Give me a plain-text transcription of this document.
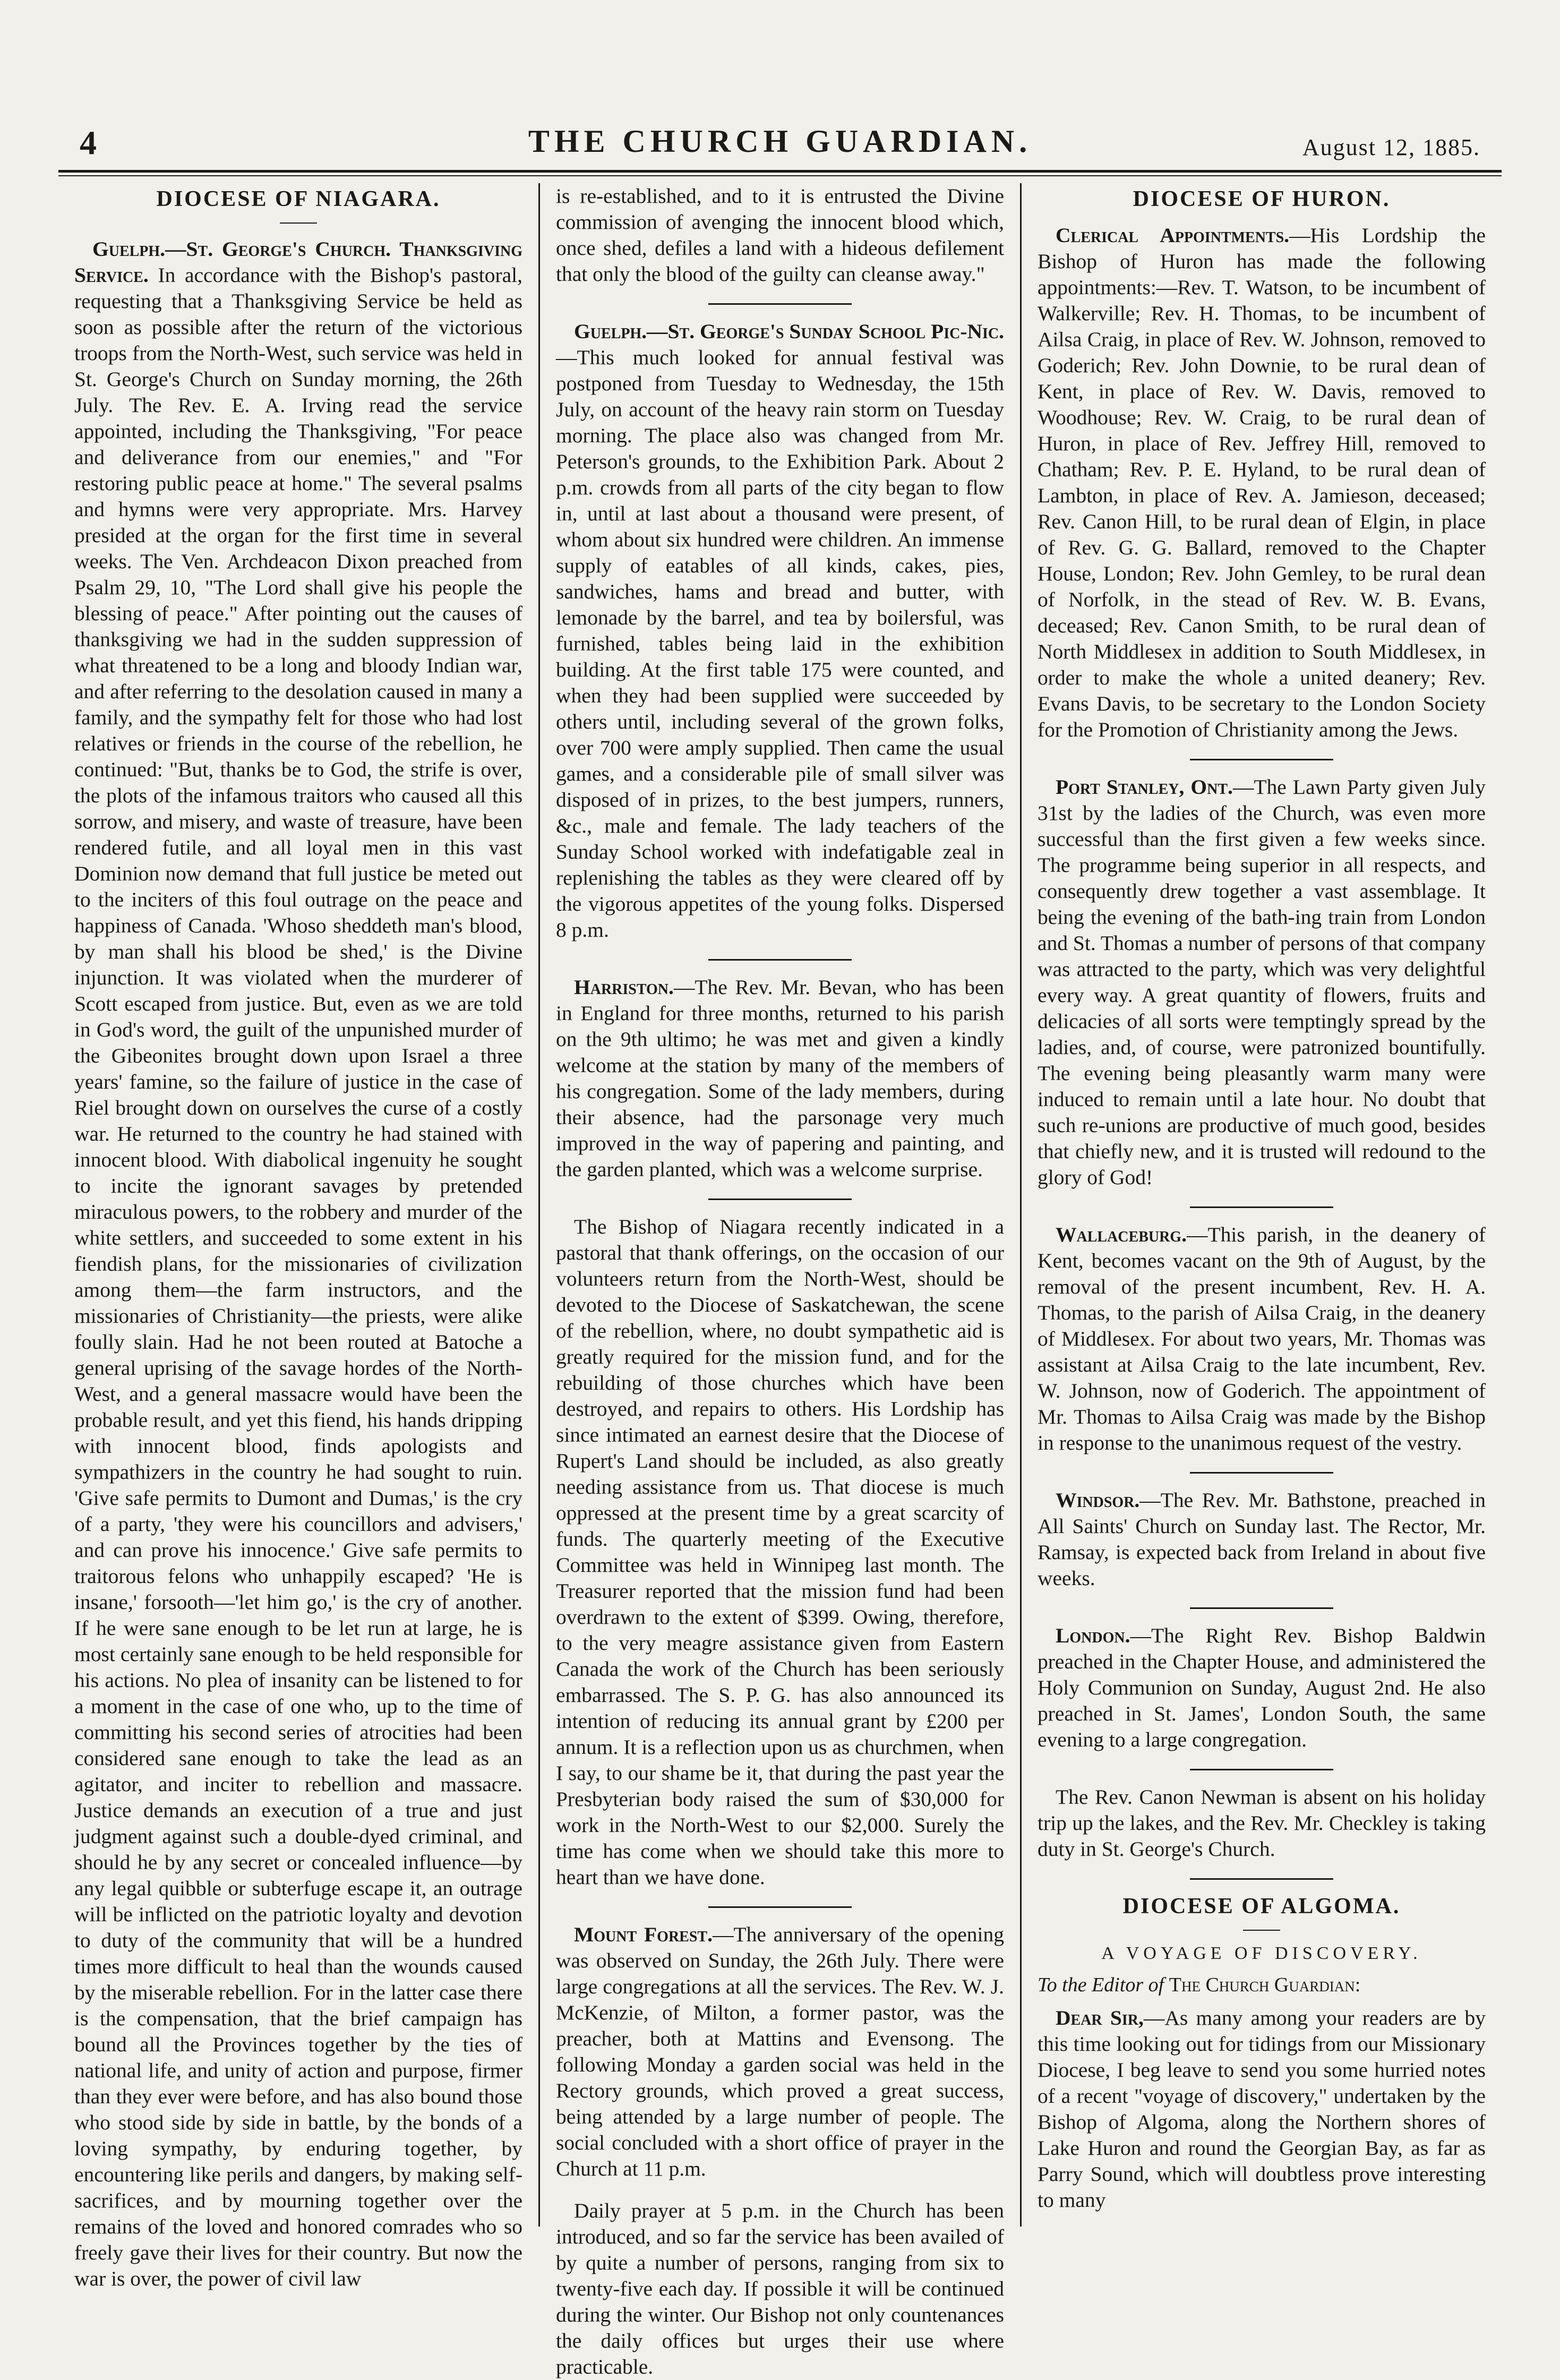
4	THE CHURCH GUARDIAN.	August 12, 1885.
DIOCESE OF NIAGARA.

Guelph.—St. George's Church. Thanksgiving Service. In accordance with the Bishop's pastoral, requesting that a Thanksgiving Service be held as soon as possible after the return of the victorious troops from the North-West, such service was held in St. George's Church on Sunday morning, the 26th July. The Rev. E. A. Irving read the service appointed, including the Thanksgiving, "For peace and deliverance from our enemies," and "For restoring public peace at home." The several psalms and hymns were very appropriate. Mrs. Harvey presided at the organ for the first time in several weeks. The Ven. Archdeacon Dixon preached from Psalm 29, 10, "The Lord shall give his people the blessing of peace." After pointing out the causes of thanksgiving we had in the sudden suppression of what threatened to be a long and bloody Indian war, and after referring to the desolation caused in many a family, and the sympathy felt for those who had lost relatives or friends in the course of the rebellion, he continued: "But, thanks be to God, the strife is over, the plots of the infamous traitors who caused all this sorrow, and misery, and waste of treasure, have been rendered futile, and all loyal men in this vast Dominion now demand that full justice be meted out to the inciters of this foul outrage on the peace and happiness of Canada. 'Whoso sheddeth man's blood, by man shall his blood be shed,' is the Divine injunction. It was violated when the murderer of Scott escaped from justice. But, even as we are told in God's word, the guilt of the unpunished murder of the Gibeonites brought down upon Israel a three years' famine, so the failure of justice in the case of Riel brought down on ourselves the curse of a costly war. He returned to the country he had stained with innocent blood. With diabolical ingenuity he sought to incite the ignorant savages by pretended miraculous powers, to the robbery and murder of the white settlers, and succeeded to some extent in his fiendish plans, for the missionaries of civilization among them—the farm instructors, and the missionaries of Christianity—the priests, were alike foully slain. Had he not been routed at Batoche a general uprising of the savage hordes of the North-West, and a general massacre would have been the probable result, and yet this fiend, his hands dripping with innocent blood, finds apologists and sympathizers in the country he had sought to ruin. 'Give safe permits to Dumont and Dumas,' is the cry of a party, 'they were his councillors and advisers,' and can prove his innocence.' Give safe permits to traitorous felons who unhappily escaped? 'He is insane,' forsooth—'let him go,' is the cry of another. If he were sane enough to be let run at large, he is most certainly sane enough to be held responsible for his actions. No plea of insanity can be listened to for a moment in the case of one who, up to the time of committing his second series of atrocities had been considered sane enough to take the lead as an agitator, and inciter to rebellion and massacre. Justice demands an execution of a true and just judgment against such a double-dyed criminal, and should he by any secret or concealed influence—by any legal quibble or subterfuge escape it, an outrage will be inflicted on the patriotic loyalty and devotion to duty of the community that will be a hundred times more difficult to heal than the wounds caused by the miserable rebellion. For in the latter case there is the compensation, that the brief campaign has bound all the Provinces together by the ties of national life, and unity of action and purpose, firmer than they ever were before, and has also bound those who stood side by side in battle, by the bonds of a loving sympathy, by enduring together, by encountering like perils and dangers, by making self-sacrifices, and by mourning together over the remains of the loved and honored comrades who so freely gave their lives for their country. But now the war is over, the power of civil law

is re-established, and to it is entrusted the Divine commission of avenging the innocent blood which, once shed, defiles a land with a hideous defilement that only the blood of the guilty can cleanse away."

Guelph.—St. George's Sunday School Pic-Nic.—This much looked for annual festival was postponed from Tuesday to Wednesday, the 15th July, on account of the heavy rain storm on Tuesday morning. The place also was changed from Mr. Peterson's grounds, to the Exhibition Park. About 2 p.m. crowds from all parts of the city began to flow in, until at last about a thousand were present, of whom about six hundred were children. An immense supply of eatables of all kinds, cakes, pies, sandwiches, hams and bread and butter, with lemonade by the barrel, and tea by boilersful, was furnished, tables being laid in the exhibition building. At the first table 175 were counted, and when they had been supplied were succeeded by others until, including several of the grown folks, over 700 were amply supplied. Then came the usual games, and a considerable pile of small silver was disposed of in prizes, to the best jumpers, runners, &c., male and female. The lady teachers of the Sunday School worked with indefatigable zeal in replenishing the tables as they were cleared off by the vigorous appetites of the young folks. Dispersed 8 p.m.

Harriston.—The Rev. Mr. Bevan, who has been in England for three months, returned to his parish on the 9th ultimo; he was met and given a kindly welcome at the station by many of the members of his congregation. Some of the lady members, during their absence, had the parsonage very much improved in the way of papering and painting, and the garden planted, which was a welcome surprise.

The Bishop of Niagara recently indicated in a pastoral that thank offerings, on the occasion of our volunteers return from the North-West, should be devoted to the Diocese of Saskatchewan, the scene of the rebellion, where, no doubt sympathetic aid is greatly required for the mission fund, and for the rebuilding of those churches which have been destroyed, and repairs to others. His Lordship has since intimated an earnest desire that the Diocese of Rupert's Land should be included, as also greatly needing assistance from us. That diocese is much oppressed at the present time by a great scarcity of funds. The quarterly meeting of the Executive Committee was held in Winnipeg last month. The Treasurer reported that the mission fund had been overdrawn to the extent of $399. Owing, therefore, to the very meagre assistance given from Eastern Canada the work of the Church has been seriously embarrassed. The S. P. G. has also announced its intention of reducing its annual grant by £200 per annum. It is a reflection upon us as churchmen, when I say, to our shame be it, that during the past year the Presbyterian body raised the sum of $30,000 for work in the North-West to our $2,000. Surely the time has come when we should take this more to heart than we have done.

Mount Forest.—The anniversary of the opening was observed on Sunday, the 26th July. There were large congregations at all the services. The Rev. W. J. McKenzie, of Milton, a former pastor, was the preacher, both at Mattins and Evensong. The following Monday a garden social was held in the Rectory grounds, which proved a great success, being attended by a large number of people. The social concluded with a short office of prayer in the Church at 11 p.m.

Daily prayer at 5 p.m. in the Church has been introduced, and so far the service has been availed of by quite a number of persons, ranging from six to twenty-five each day. If possible it will be continued during the winter. Our Bishop not only countenances the daily offices but urges their use where practicable.

DIOCESE OF HURON.

Clerical Appointments.—His Lordship the Bishop of Huron has made the following appointments:—Rev. T. Watson, to be incumbent of Walkerville; Rev. H. Thomas, to be incumbent of Ailsa Craig, in place of Rev. W. Johnson, removed to Goderich; Rev. John Downie, to be rural dean of Kent, in place of Rev. W. Davis, removed to Woodhouse; Rev. W. Craig, to be rural dean of Huron, in place of Rev. Jeffrey Hill, removed to Chatham; Rev. P. E. Hyland, to be rural dean of Lambton, in place of Rev. A. Jamieson, deceased; Rev. Canon Hill, to be rural dean of Elgin, in place of Rev. G. G. Ballard, removed to the Chapter House, London; Rev. John Gemley, to be rural dean of Norfolk, in the stead of Rev. W. B. Evans, deceased; Rev. Canon Smith, to be rural dean of North Middlesex in addition to South Middlesex, in order to make the whole a united deanery; Rev. Evans Davis, to be secretary to the London Society for the Promotion of Christianity among the Jews.

Port Stanley, Ont.—The Lawn Party given July 31st by the ladies of the Church, was even more successful than the first given a few weeks since. The programme being superior in all respects, and consequently drew together a vast assemblage. It being the evening of the bath-ing train from London and St. Thomas a number of persons of that company was attracted to the party, which was very delightful every way. A great quantity of flowers, fruits and delicacies of all sorts were temptingly spread by the ladies, and, of course, were patronized bountifully. The evening being pleasantly warm many were induced to remain until a late hour. No doubt that such re-unions are productive of much good, besides that chiefly new, and it is trusted will redound to the glory of God!

Wallaceburg.—This parish, in the deanery of Kent, becomes vacant on the 9th of August, by the removal of the present incumbent, Rev. H. A. Thomas, to the parish of Ailsa Craig, in the deanery of Middlesex. For about two years, Mr. Thomas was assistant at Ailsa Craig to the late incumbent, Rev. W. Johnson, now of Goderich. The appointment of Mr. Thomas to Ailsa Craig was made by the Bishop in response to the unanimous request of the vestry.

Windsor.—The Rev. Mr. Bathstone, preached in All Saints' Church on Sunday last. The Rector, Mr. Ramsay, is expected back from Ireland in about five weeks.

London.—The Right Rev. Bishop Baldwin preached in the Chapter House, and administered the Holy Communion on Sunday, August 2nd. He also preached in St. James', London South, the same evening to a large congregation.

The Rev. Canon Newman is absent on his holiday trip up the lakes, and the Rev. Mr. Checkley is taking duty in St. George's Church.

DIOCESE OF ALGOMA.
A VOYAGE OF DISCOVERY.
To the Editor of The Church Guardian:

Dear Sir,—As many among your readers are by this time looking out for tidings from our Missionary Diocese, I beg leave to send you some hurried notes of a recent "voyage of discovery," undertaken by the Bishop of Algoma, along the Northern shores of Lake Huron and round the Georgian Bay, as far as Parry Sound, which will doubtless prove interesting to many
